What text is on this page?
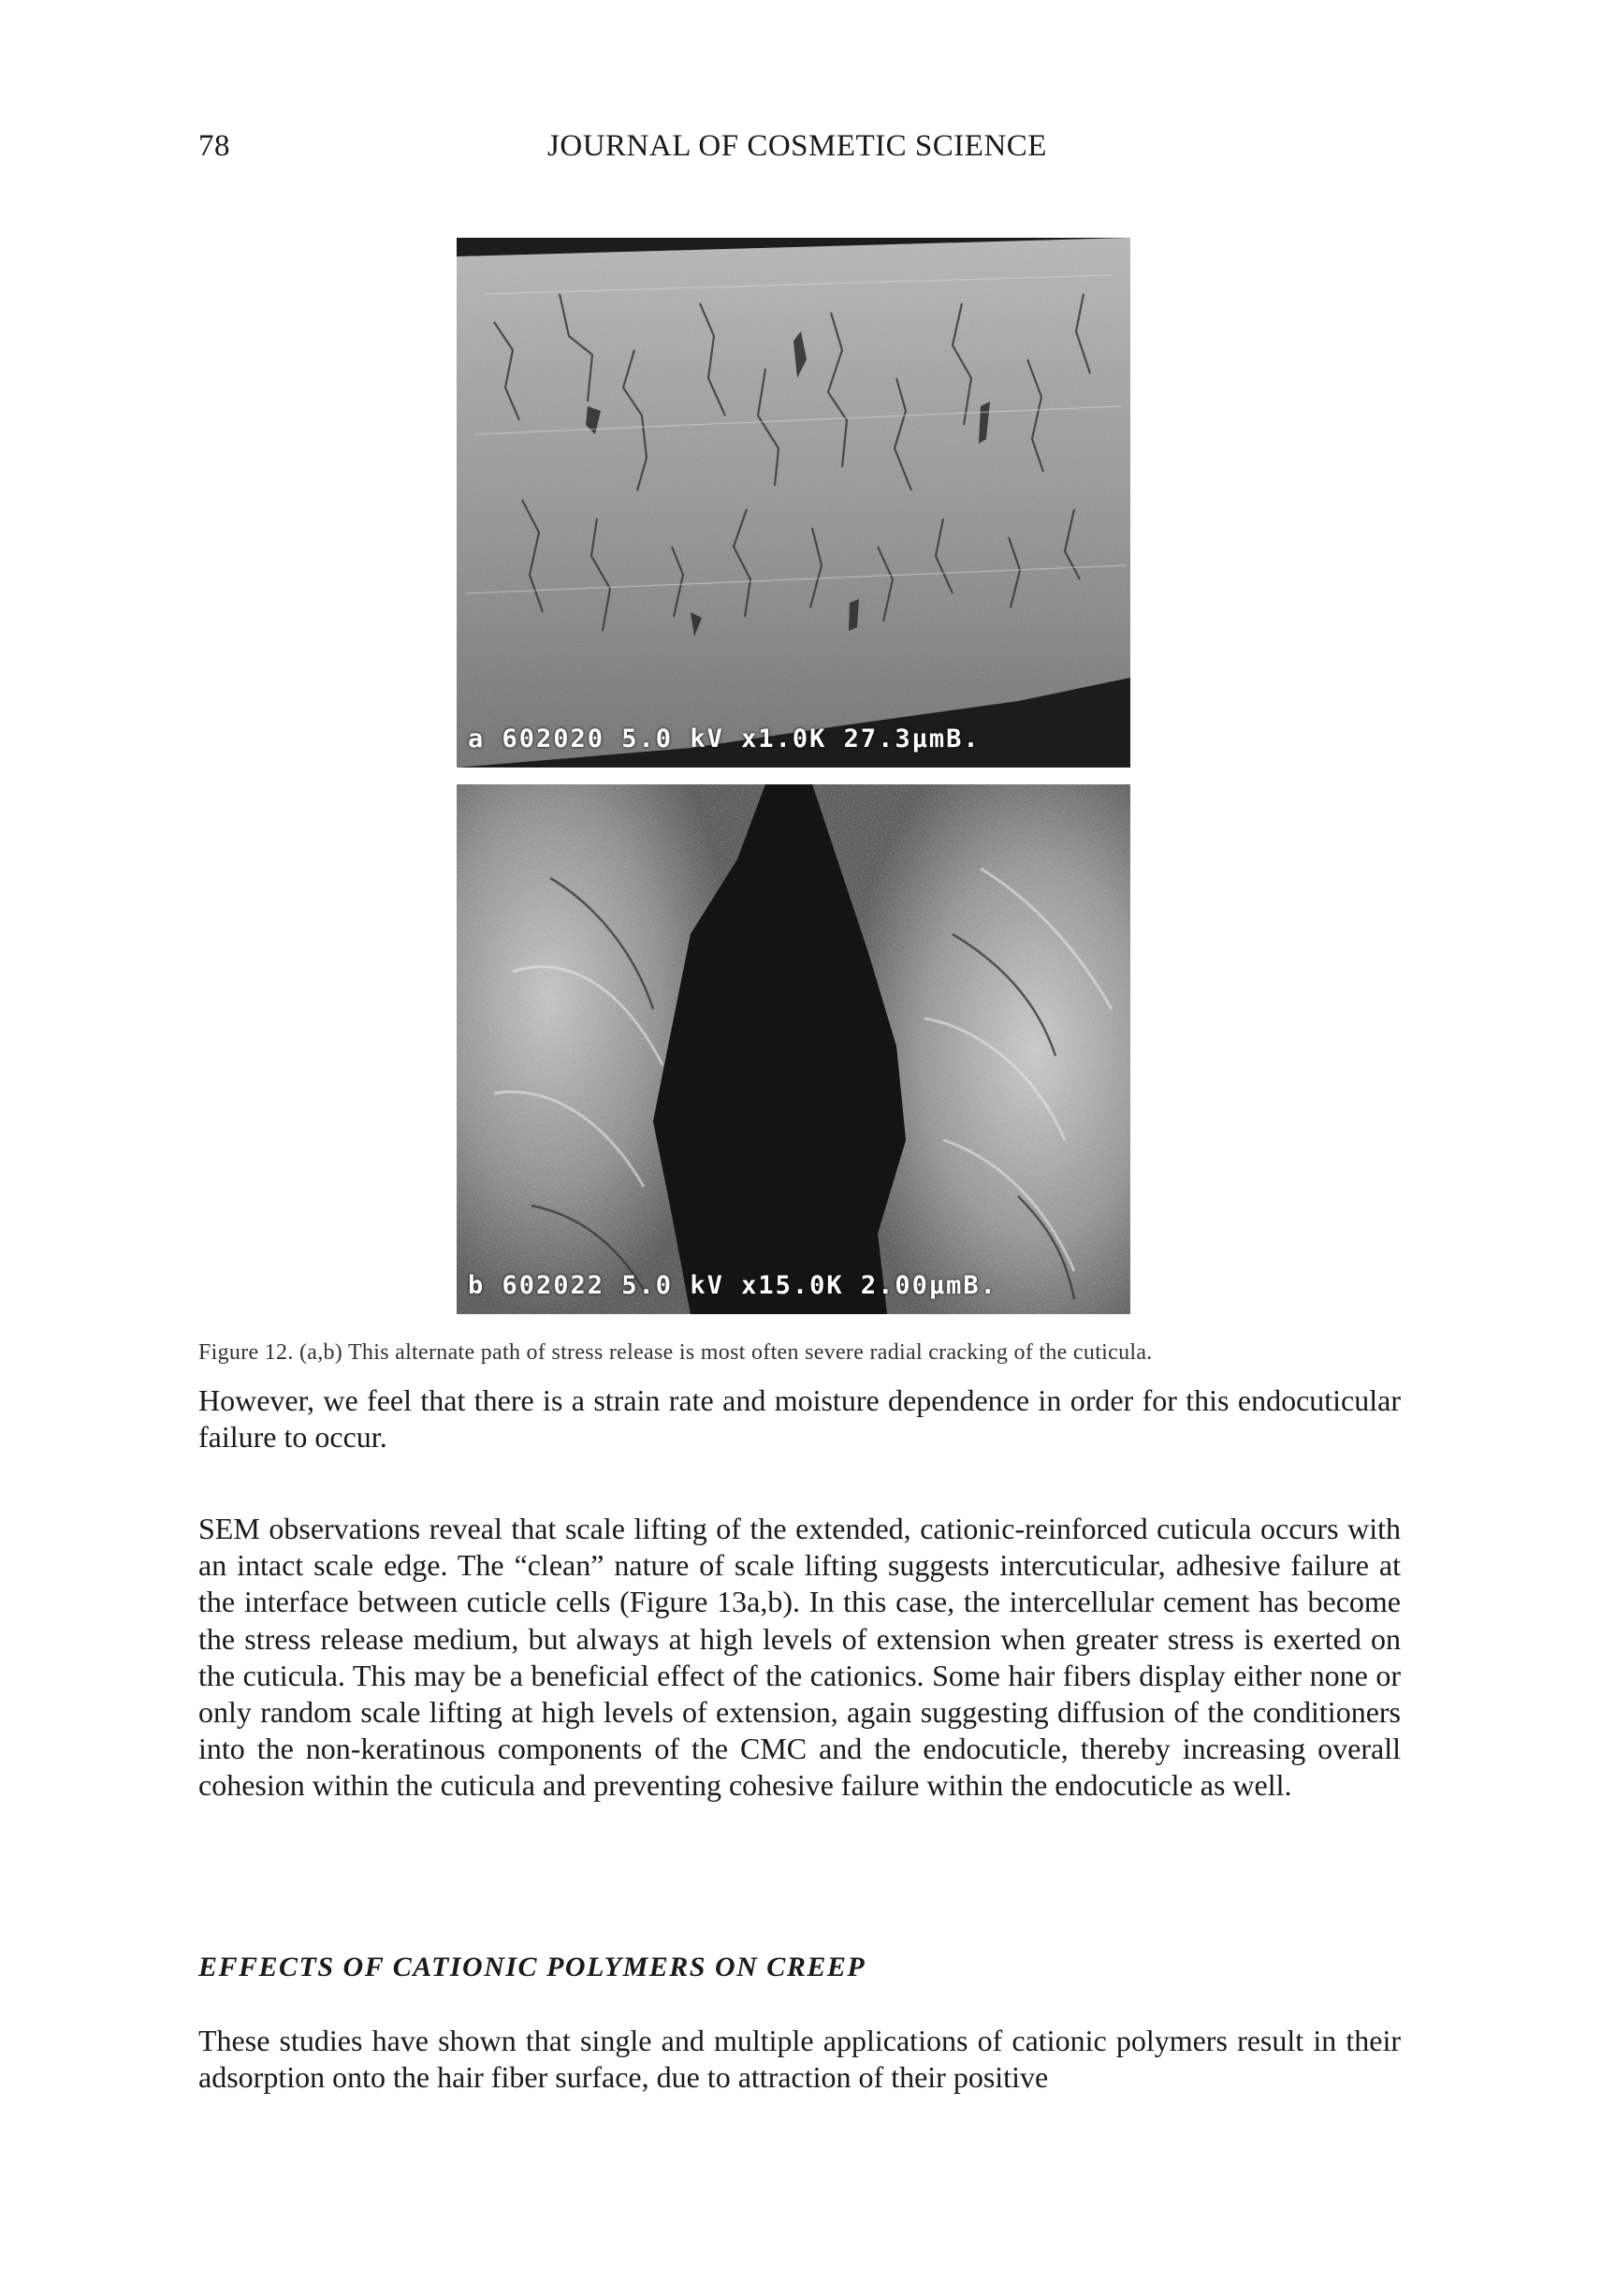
78	JOURNAL OF COSMETIC SCIENCE
a 602020 5.0 kV x1.0K 27.3µmB.
b 602022 5.0 kV x15.0K 2.00µmB.
Figure 12. (a,b) This alternate path of stress release is most often severe radial cracking of the cuticula.

However, we feel that there is a strain rate and moisture dependence in order for this endocuticular failure to occur.

SEM observations reveal that scale lifting of the extended, cationic-reinforced cuticula occurs with an intact scale edge. The “clean” nature of scale lifting suggests intercuticular, adhesive failure at the interface between cuticle cells (Figure 13a,b). In this case, the intercellular cement has become the stress release medium, but always at high levels of extension when greater stress is exerted on the cuticula. This may be a beneficial effect of the cationics. Some hair fibers display either none or only random scale lifting at high levels of extension, again suggesting diffusion of the conditioners into the non-keratinous components of the CMC and the endocuticle, thereby increasing overall cohesion within the cuticula and preventing cohesive failure within the endocuticle as well.

EFFECTS OF CATIONIC POLYMERS ON CREEP

These studies have shown that single and multiple applications of cationic polymers result in their adsorption onto the hair fiber surface, due to attraction of their positive
